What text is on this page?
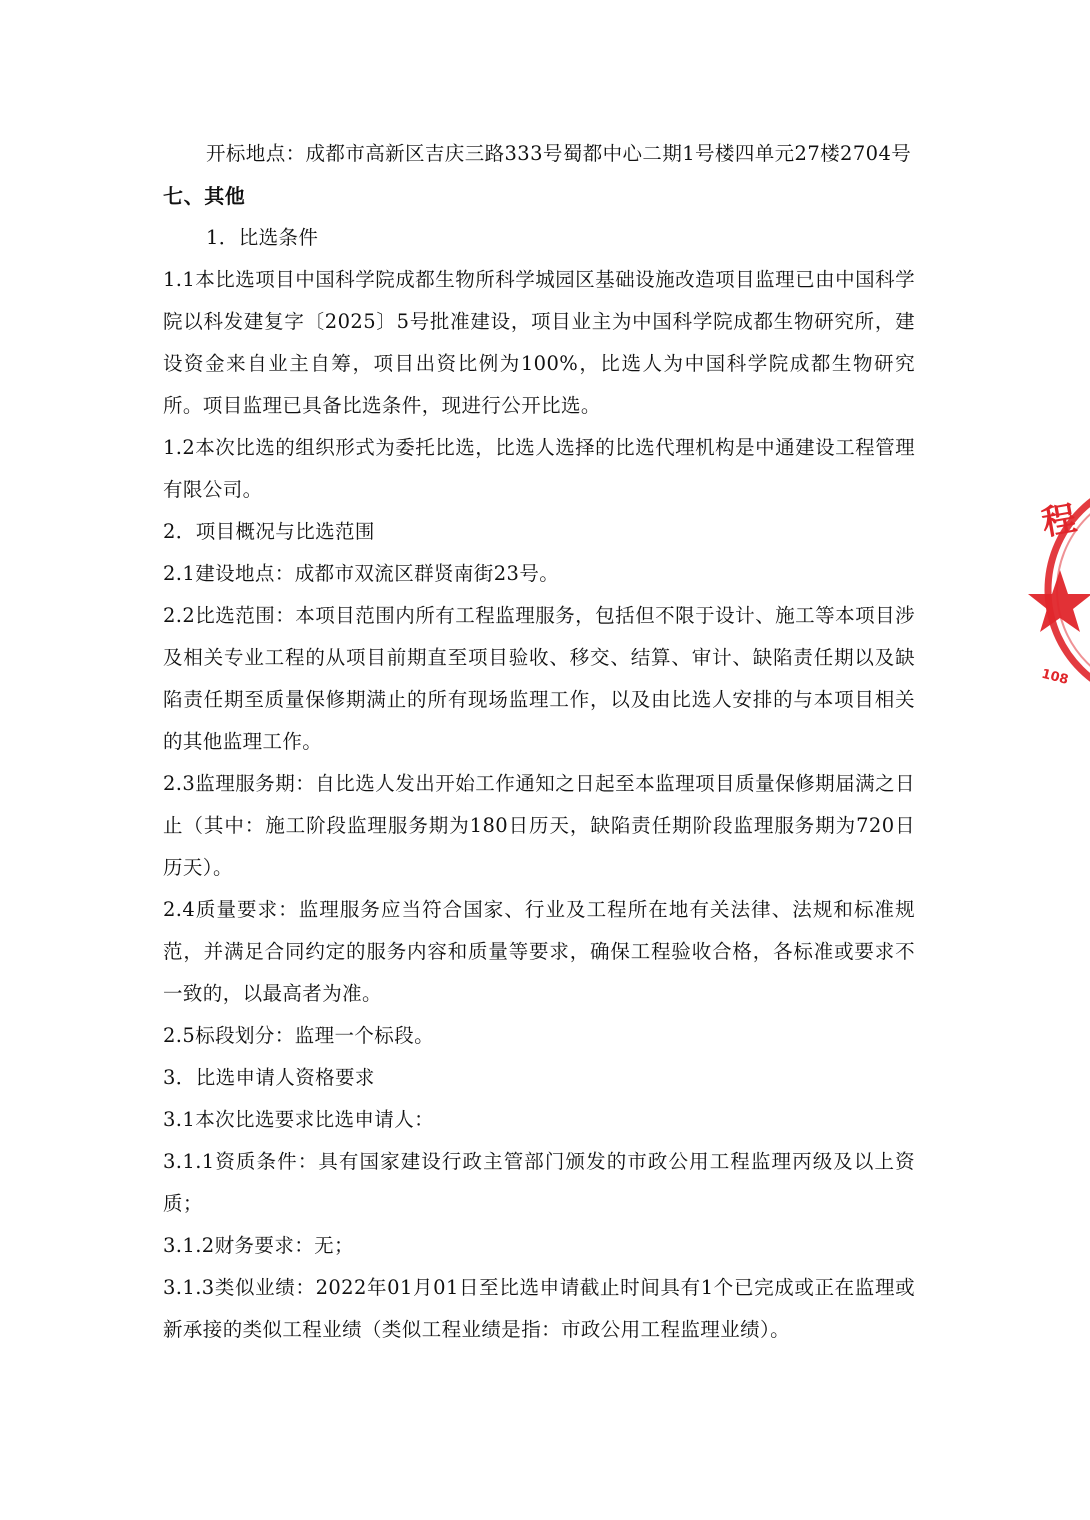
开标地点：成都市高新区吉庆三路333号蜀都中心二期1号楼四单元27楼2704号

七、其他

1．比选条件

1.1本比选项目中国科学院成都生物所科学城园区基础设施改造项目监理已由中国科学院以科发建复字〔2025〕5号批准建设，项目业主为中国科学院成都生物研究所，建设资金来自业主自筹，项目出资比例为100%，比选人为中国科学院成都生物研究所。项目监理已具备比选条件，现进行公开比选。

1.2本次比选的组织形式为委托比选，比选人选择的比选代理机构是中通建设工程管理有限公司。

2．项目概况与比选范围

2.1建设地点：成都市双流区群贤南街23号。

2.2比选范围：本项目范围内所有工程监理服务，包括但不限于设计、施工等本项目涉及相关专业工程的从项目前期直至项目验收、移交、结算、审计、缺陷责任期以及缺陷责任期至质量保修期满止的所有现场监理工作，以及由比选人安排的与本项目相关的其他监理工作。

2.3监理服务期：自比选人发出开始工作通知之日起至本监理项目质量保修期届满之日止（其中：施工阶段监理服务期为180日历天，缺陷责任期阶段监理服务期为720日历天）。

2.4质量要求：监理服务应当符合国家、行业及工程所在地有关法律、法规和标准规范，并满足合同约定的服务内容和质量等要求，确保工程验收合格，各标准或要求不一致的，以最高者为准。

2.5标段划分：监理一个标段。

3．比选申请人资格要求

3.1本次比选要求比选申请人：

3.1.1资质条件：具有国家建设行政主管部门颁发的市政公用工程监理丙级及以上资质；

3.1.2财务要求：无；

3.1.3类似业绩：2022年01月01日至比选申请截止时间具有1个已完成或正在监理或新承接的类似工程业绩（类似工程业绩是指：市政公用工程监理业绩）。

程
108
